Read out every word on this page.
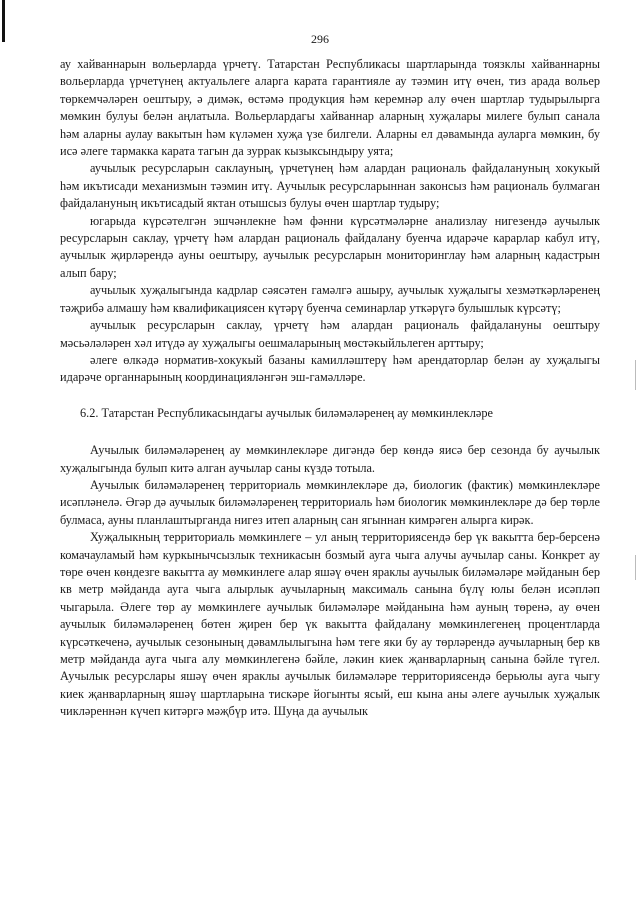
296

ау хайваннарын вольерларда үрчетү. Татарстан Республикасы шартларында тоязклы хайваннарны вольерларда үрчетүнең актуальлеге аларга карата гарантияле ау тәэмин итү өчен, тиз арада вольер төркемчәләрен оештыру, ә димәк, өстәмә продукция һәм керемнәр алу өчен шартлар тудырылырга мөмкин булуы белән аңлатыла. Вольерлардагы хайваннар аларның хуҗалары милеге булып санала һәм аларны аулау вакытын һәм күләмен хуҗа үзе билгели. Аларны ел дәвамында ауларга мөмкин, бу исә әлеге тармакка карата тагын да зуррак кызыксындыру уята;

аучылык ресурсларын саклауның, үрчетүнең һәм алардан рациональ файдалануның хокукый һәм икътисади механизмын тәэмин итү. Аучылык ресурсларыннан законсыз һәм рациональ булмаган файдалануның икътисадый яктан отышсыз булуы өчен шартлар тудыру;

югарыда күрсәтелгән эшчәнлекне һәм фәнни күрсәтмәләрне анализлау нигезендә аучылык ресурсларын саклау, үрчетү һәм алардан рациональ файдалану буенча идарәче карарлар кабул итү, аучылык җирләрендә ауны оештыру, аучылык ресурсларын мониторинглау һәм аларның кадастрын алып бару;

аучылык хуҗалыгында кадрлар сәясәтен гамәлгә ашыру, аучылык хуҗалыгы хезмәткәрләренең тәҗрибә алмашу һәм квалификациясен күтәрү буенча семинарлар уткәрүгә булышлык күрсәтү;

аучылык ресурсларын саклау, үрчетү һәм алардан рациональ файдалануны оештыру мәсьәләләрен хәл итүдә ау хуҗалыгы оешмаларының мөстәкыйльлеген арттыру;

әлеге өлкәдә норматив-хокукый базаны камилләштерү һәм арендаторлар белән ау хуҗалыгы идарәче органнарының координацияләнгән эш-гамәлләре.

6.2. Татарстан Республикасындагы аучылык биләмәләренең ау мөмкинлекләре

Аучылык биләмәләренең ау мөмкинлекләре дигәндә бер көндә яисә бер сезонда бу аучылык хуҗалыгында булып китә алган аучылар саны күздә тотыла.

Аучылык биләмәләренең территориаль мөмкинлекләре дә, биологик (фактик) мөмкинлекләре исәпләнелә. Әгәр дә аучылык биләмәләренең территориаль һәм биологик мөмкинлекләре дә бер төрле булмаса, ауны планлаштырганда нигез итеп аларның сан ягыннан кимрәген алырга кирәк.

Хуҗалыкның территориаль мөмкинлеге – ул аның территориясендә бер үк вакытта бер-берсенә комачауламый һәм куркынычсызлык техникасын бозмый ауга чыга алучы аучылар саны. Конкрет ау төре өчен көндезге вакытта ау мөмкинлеге алар яшәү өчен яраклы аучылык биләмәләре мәйданын бер кв метр мәйданда ауга чыга алырлык аучыларның максималь санына бүлү юлы белән исәпләп чыгарыла. Әлеге төр ау мөмкинлеге аучылык биләмәләре мәйданына һәм ауның төренә, ау өчен аучылык биләмәләренең бөтен җирен бер үк вакытта файдалану мөмкинлегенең процентларда күрсәткеченә, аучылык сезонының дәвамлылыгына һәм тегe яки бу ау төрләрендә аучыларның бер кв метр мәйданда ауга чыга алу мөмкинлегенә бәйле, ләкин киек җанварларның санына бәйле түгел. Аучылык ресурслары яшәү өчен яраклы аучылык биләмәләре территориясендә берьюлы ауга чыгу киек җанварларның яшәү шартларына тискәре йогынты ясый, еш кына аны әлеге аучылык хуҗалык чикләреннән күчеп китәргә мәҗбүр итә. Шуңа да аучылык
